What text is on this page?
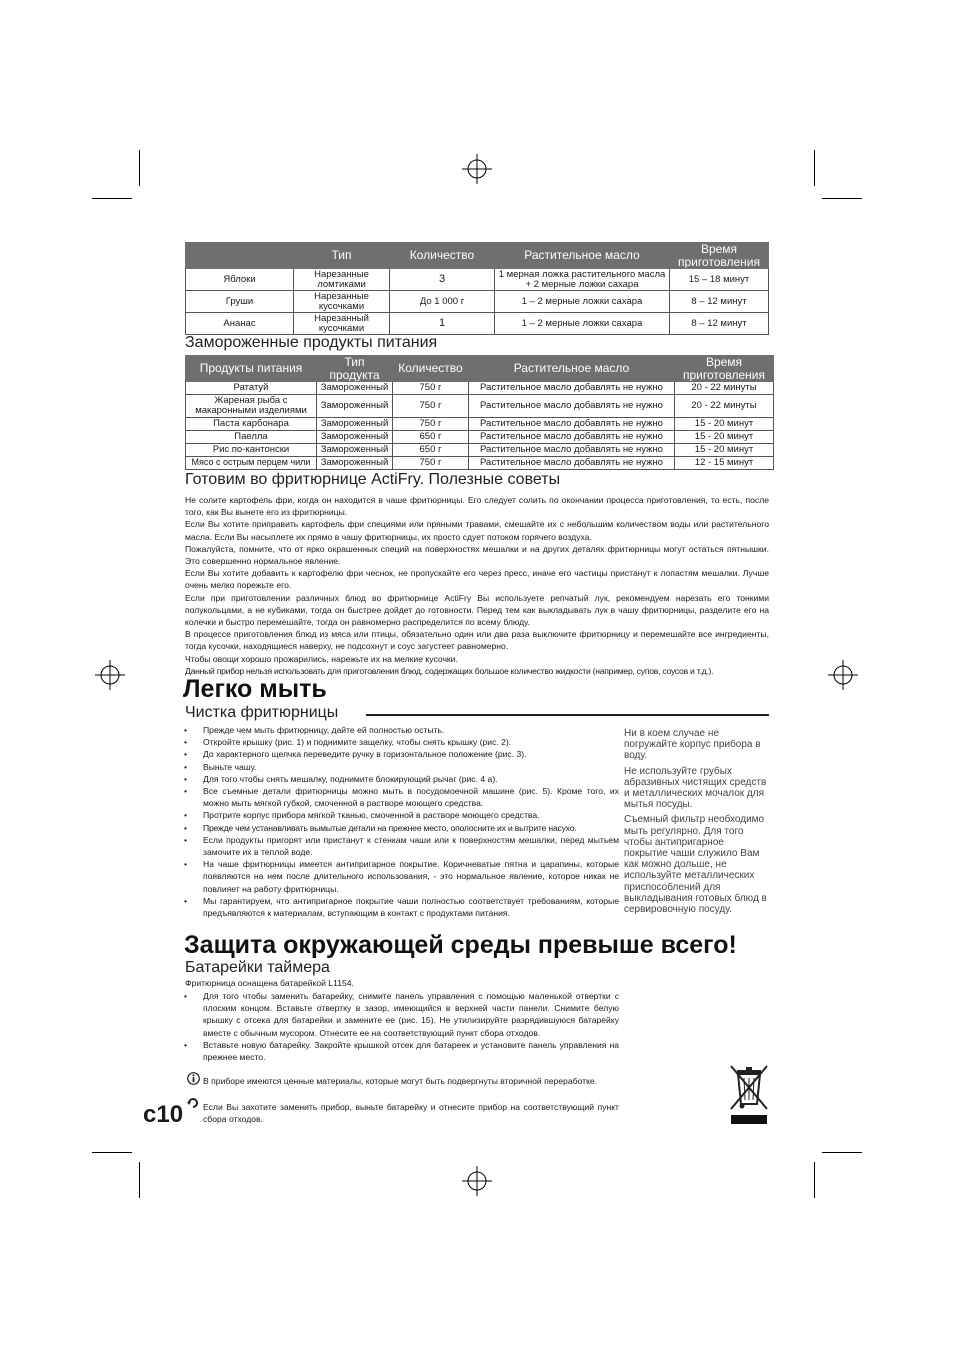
	Тип	Количество	Растительное масло	Время приготовления
Яблоки	Нарезанные ломтиками	3	1 мерная ложка растительного масла + 2 мерные ложки сахара	15 – 18 минут
Груши	Нарезанные кусочками	До 1 000 г	1 – 2 мерные ложки сахара	8 – 12 минут
Ананас	Нарезанный кусочками	1	1 – 2 мерные ложки сахара	8 – 12 минут
Замороженные продукты питания
Продукты питания	Тип продукта	Количество	Растительное масло	Время приготовления
Рататуй	Замороженный	750 г	Растительное масло добавлять не нужно	20 - 22 минуты
Жареная рыба с макаронными изделиями	Замороженный	750 г	Растительное масло добавлять не нужно	20 - 22 минуты
Паста карбонара	Замороженный	750 г	Растительное масло добавлять не нужно	15 - 20 минут
Паелла	Замороженный	650 г	Растительное масло добавлять не нужно	15 - 20 минут
Рис по-кантонски	Замороженный	650 г	Растительное масло добавлять не нужно	15 - 20 минут
Мясо с острым перцем чили	Замороженный	750 г	Растительное масло добавлять не нужно	12 - 15 минут
Готовим во фритюрнице ActiFry. Полезные советы

Не солите картофель фри, когда он находится в чаше фритюрницы. Его следует солить по окончании процесса приготовления, то есть, после того, как Вы вынете его из фритюрницы.

Если Вы хотите приправить картофель фри специями или пряными травами, смешайте их с небольшим количеством воды или растительного масла. Если Вы насыплете их прямо в чашу фритюрницы, их просто сдует потоком горячего воздуха.

Пожалуйста, помните, что от ярко окрашенных специй на поверхностях мешалки и на других деталях фритюрницы могут остаться пятнышки. Это совершенно нормальное явление.

Если Вы хотите добавить к картофелю фри чеснок, не пропускайте его через пресс, иначе его частицы пристанут к лопастям мешалки. Лучше очень мелко порежьте его.

Если при приготовлении различных блюд во фритюрнице ActiFry Вы используете репчатый лук, рекомендуем нарезать его тонкими полукольцами, а не кубиками, тогда он быстрее дойдет до готовности. Перед тем как выкладывать лук в чашу фритюрницы, разделите его на колечки и быстро перемешайте, тогда он равномерно распределится по всему блюду.

В процессе приготовления блюд из мяса или птицы, обязательно один или два раза выключите фритюрницу и перемешайте все ингредиенты, тогда кусочки, находящиеся наверху, не подсохнут и соус загустеет равномерно.

Чтобы овощи хорошо прожарились, нарежьте их на мелкие кусочки.

Данный прибор нельзя использовать для приготовления блюд, содержащих большое количество жидкости (например, супов, соусов и т.д.).

Легко мыть
Чистка фритюрницы
• Прежде чем мыть фритюрницу, дайте ей полностью остыть.
• Откройте крышку (рис. 1) и поднимите защелку, чтобы снять крышку (рис. 2).
• До характерного щелчка переведите ручку в горизонтальное положение (рис. 3).
• Выньте чашу.
• Для того чтобы снять мешалку, поднимите блокирующий рычаг (рис. 4 а).
• Все съемные детали фритюрницы можно мыть в посудомоечной машине (рис. 5). Кроме того, их можно мыть мягкой губкой, смоченной в растворе моющего средства.
• Протрите корпус прибора мягкой тканью, смоченной в растворе моющего средства.
• Прежде чем устанавливать вымытые детали на прежнее место, ополосните их и вытрите насухо.
• Если продукты пригорят или пристанут к стенкам чаши или к поверхностям мешалки, перед мытьем замочите их в теплой воде.
• На чаше фритюрницы имеется антипригарное покрытие. Коричневатые пятна и царапины, которые появляются на нем после длительного использования, - это нормальное явление, которое никак не повлияет на работу фритюрницы.
• Мы гарантируем, что антипригарное покрытие чаши полностью соответствует требованиям, которые предъявляются к материалам, вступающим в контакт с продуктами питания.

Ни в коем случае не погружайте корпус прибора в воду.

Не используйте грубых абразивных чистящих средств и металлических мочалок для мытья посуды.

Съемный фильтр необходимо мыть регулярно. Для того чтобы антипригарное покрытие чаши служило Вам как можно дольше, не используйте металлических приспособлений для выкладывания готовых блюд в сервировочную посуду.

Защита окружающей среды превыше всего!
Батарейки таймера
Фритюрница оснащена батарейкой L1154.
• Для того чтобы заменить батарейку, снимите панель управления с помощью маленькой отвертки с плоским концом. Вставьте отвертку в зазор, имеющийся в верхней части панели. Снимите белую крышку с отсека для батарейки и замените ее (рис. 15). Не утилизируйте разрядившуюся батарейку вместе с обычным мусором. Отнесите ее на соответствующий пункт сбора отходов.
• Вставьте новую батарейку. Закройте крышкой отсек для батареек и установите панель управления на прежнее место.
В приборе имеются ценные материалы, которые могут быть подвергнуты вторичной переработке.
Если Вы захотите заменить прибор, выньте батарейку и отнесите прибор на соответствующий пункт сбора отходов.
c10
